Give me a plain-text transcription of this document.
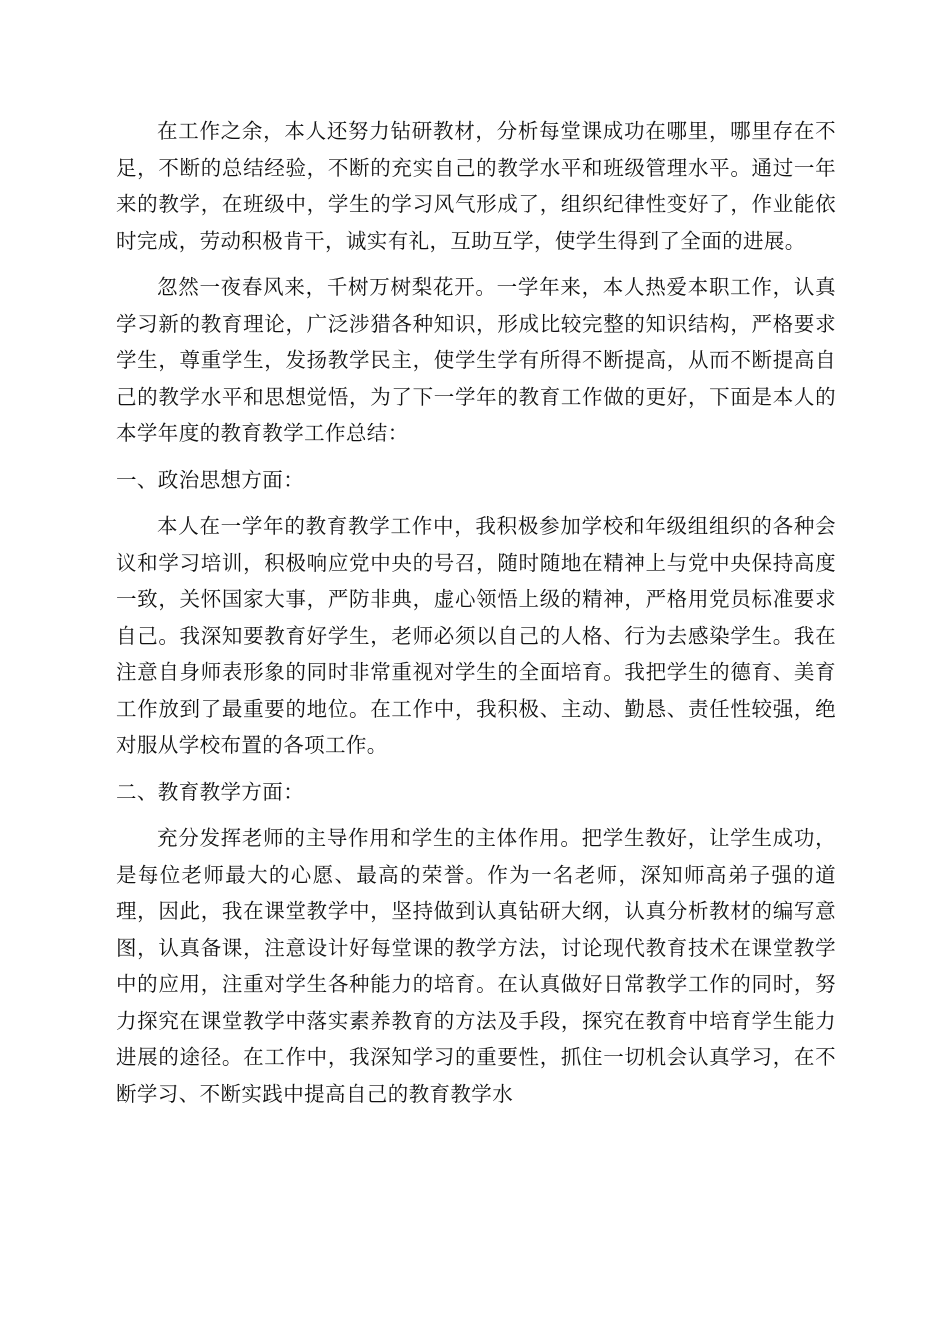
在工作之余，本人还努力钻研教材，分析每堂课成功在哪里，哪里存在不足，不断的总结经验，不断的充实自己的教学水平和班级管理水平。通过一年来的教学，在班级中，学生的学习风气形成了，组织纪律性变好了，作业能依时完成，劳动积极肯干，诚实有礼，互助互学，使学生得到了全面的进展。

忽然一夜春风来，千树万树梨花开。一学年来，本人热爱本职工作，认真学习新的教育理论，广泛涉猎各种知识，形成比较完整的知识结构，严格要求学生，尊重学生，发扬教学民主，使学生学有所得不断提高，从而不断提高自己的教学水平和思想觉悟，为了下一学年的教育工作做的更好，下面是本人的本学年度的教育教学工作总结：

一、政治思想方面：

本人在一学年的教育教学工作中，我积极参加学校和年级组组织的各种会议和学习培训，积极响应党中央的号召，随时随地在精神上与党中央保持高度一致，关怀国家大事，严防非典，虚心领悟上级的精神，严格用党员标准要求自己。我深知要教育好学生，老师必须以自己的人格、行为去感染学生。我在注意自身师表形象的同时非常重视对学生的全面培育。我把学生的德育、美育工作放到了最重要的地位。在工作中，我积极、主动、勤恳、责任性较强，绝对服从学校布置的各项工作。

二、教育教学方面：

充分发挥老师的主导作用和学生的主体作用。把学生教好，让学生成功，是每位老师最大的心愿、最高的荣誉。作为一名老师，深知师高弟子强的道理，因此，我在课堂教学中，坚持做到认真钻研大纲，认真分析教材的编写意图，认真备课，注意设计好每堂课的教学方法，讨论现代教育技术在课堂教学中的应用，注重对学生各种能力的培育。在认真做好日常教学工作的同时，努力探究在课堂教学中落实素养教育的方法及手段，探究在教育中培育学生能力进展的途径。在工作中，我深知学习的重要性，抓住一切机会认真学习，在不断学习、不断实践中提高自己的教育教学水
